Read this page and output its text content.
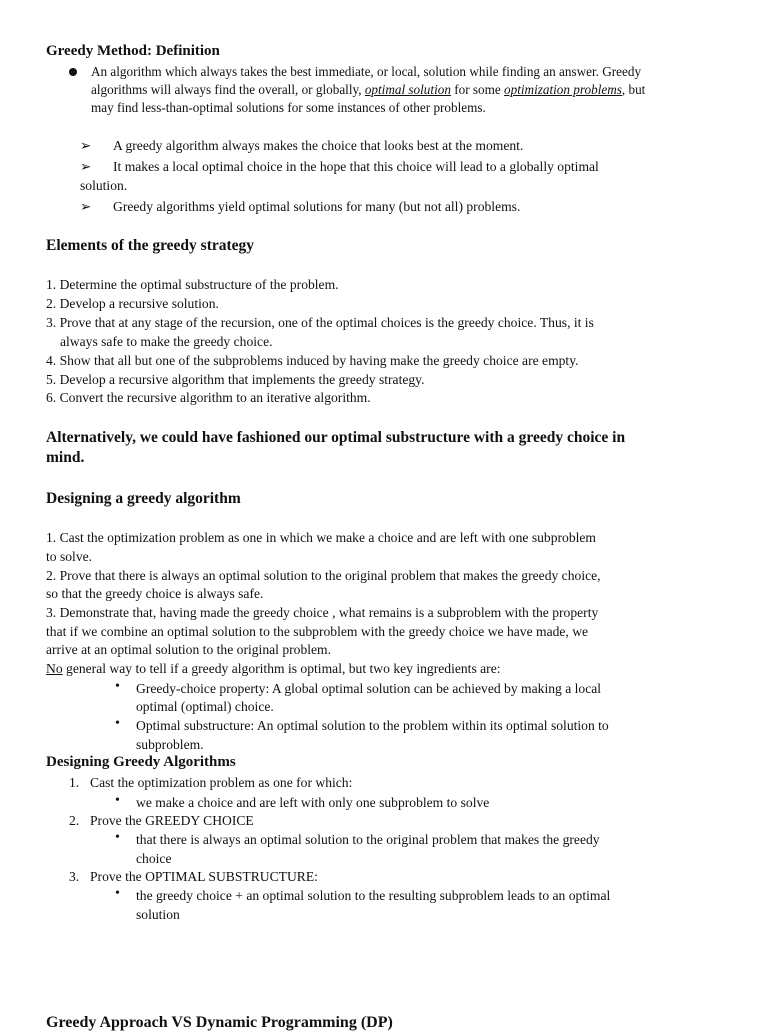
Greedy Method: Definition
An algorithm which always takes the best immediate, or local, solution while finding an answer. Greedy
algorithms will always find the overall, or globally, optimal solution for some optimization problems, but
may find less-than-optimal solutions for some instances of other problems.
➢ A greedy algorithm always makes the choice that looks best at the moment.
➢ It makes a local optimal choice in the hope that this choice will lead to a globally optimal
solution.
➢ Greedy algorithms yield optimal solutions for many (but not all) problems.
Elements of the greedy strategy
1. Determine the optimal substructure of the problem.
2. Develop a recursive solution.
3. Prove that at any stage of the recursion, one of the optimal choices is the greedy choice. Thus, it is
always safe to make the greedy choice.
4. Show that all but one of the subproblems induced by having make the greedy choice are empty.
5. Develop a recursive algorithm that implements the greedy strategy.
6. Convert the recursive algorithm to an iterative algorithm.
Alternatively, we could have fashioned our optimal substructure with a greedy choice in
mind.
Designing a greedy algorithm
1. Cast the optimization problem as one in which we make a choice and are left with one subproblem
to solve.
2. Prove that there is always an optimal solution to the original problem that makes the greedy choice,
so that the greedy choice is always safe.
3. Demonstrate that, having made the greedy choice , what remains is a subproblem with the property
that if we combine an optimal solution to the subproblem with the greedy choice we have made, we
arrive at an optimal solution to the original problem.
No general way to tell if a greedy algorithm is optimal, but two key ingredients are:
• Greedy-choice property: A global optimal solution can be achieved by making a local
optimal (optimal) choice.
• Optimal substructure: An optimal solution to the problem within its optimal solution to
subproblem.
Designing Greedy Algorithms
1. Cast the optimization problem as one for which:
• we make a choice and are left with only one subproblem to solve
2. Prove the GREEDY CHOICE
• that there is always an optimal solution to the original problem that makes the greedy
choice
3. Prove the OPTIMAL SUBSTRUCTURE:
• the greedy choice + an optimal solution to the resulting subproblem leads to an optimal
solution
Greedy Approach VS Dynamic Programming (DP)
